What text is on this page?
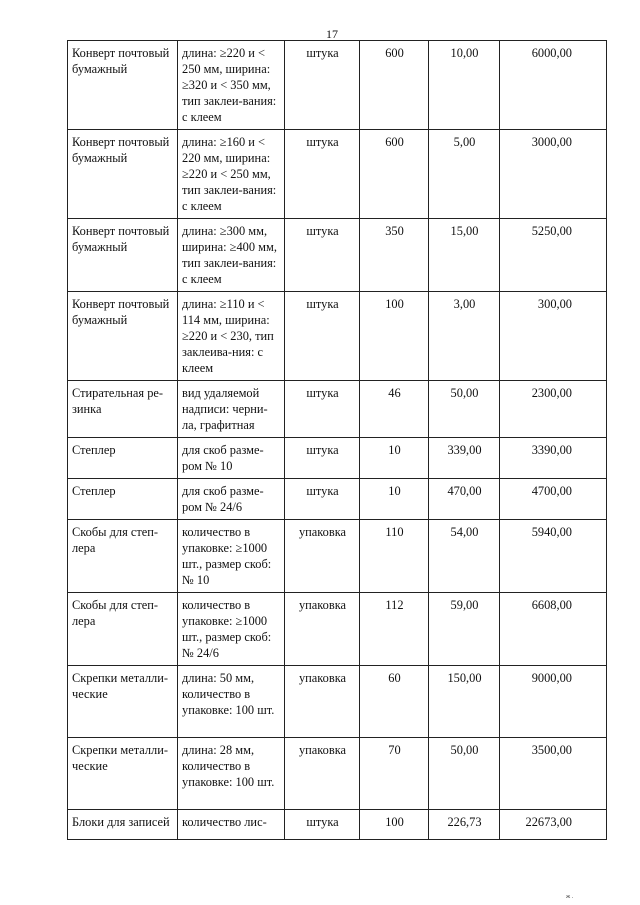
17
Конверт почтовый бумажный	длина: ≥220 и < 250 мм, ширина: ≥320 и < 350 мм, тип заклеи-вания: с клеем	штука	600	10,00	6000,00
Конверт почтовый бумажный	длина: ≥160 и < 220 мм, ширина: ≥220 и < 250 мм, тип заклеи-вания: с клеем	штука	600	5,00	3000,00
Конверт почтовый бумажный	длина: ≥300 мм, ширина: ≥400 мм, тип заклеи-вания: с клеем	штука	350	15,00	5250,00
Конверт почтовый бумажный	длина: ≥110 и < 114 мм, ширина: ≥220 и < 230, тип заклеива-ния: с клеем	штука	100	3,00	300,00
Стирательная ре-зинка	вид удаляемой надписи: черни-ла, графитная	штука	46	50,00	2300,00
Степлер	для скоб разме-ром № 10	штука	10	339,00	3390,00
Степлер	для скоб разме-ром № 24/6	штука	10	470,00	4700,00
Скобы для степ-лера	количество в упаковке: ≥1000 шт., размер скоб: № 10	упаковка	110	54,00	5940,00
Скобы для степ-лера	количество в упаковке: ≥1000 шт., размер скоб: № 24/6	упаковка	112	59,00	6608,00
Скрепки металли-ческие	длина: 50 мм, количество в упаковке: 100 шт.	упаковка	60	150,00	9000,00
Скрепки металли-ческие	длина: 28 мм, количество в упаковке: 100 шт.	упаковка	70	50,00	3500,00
Блоки для записей	количество лис-	штука	100	226,73	22673,00
ж .
